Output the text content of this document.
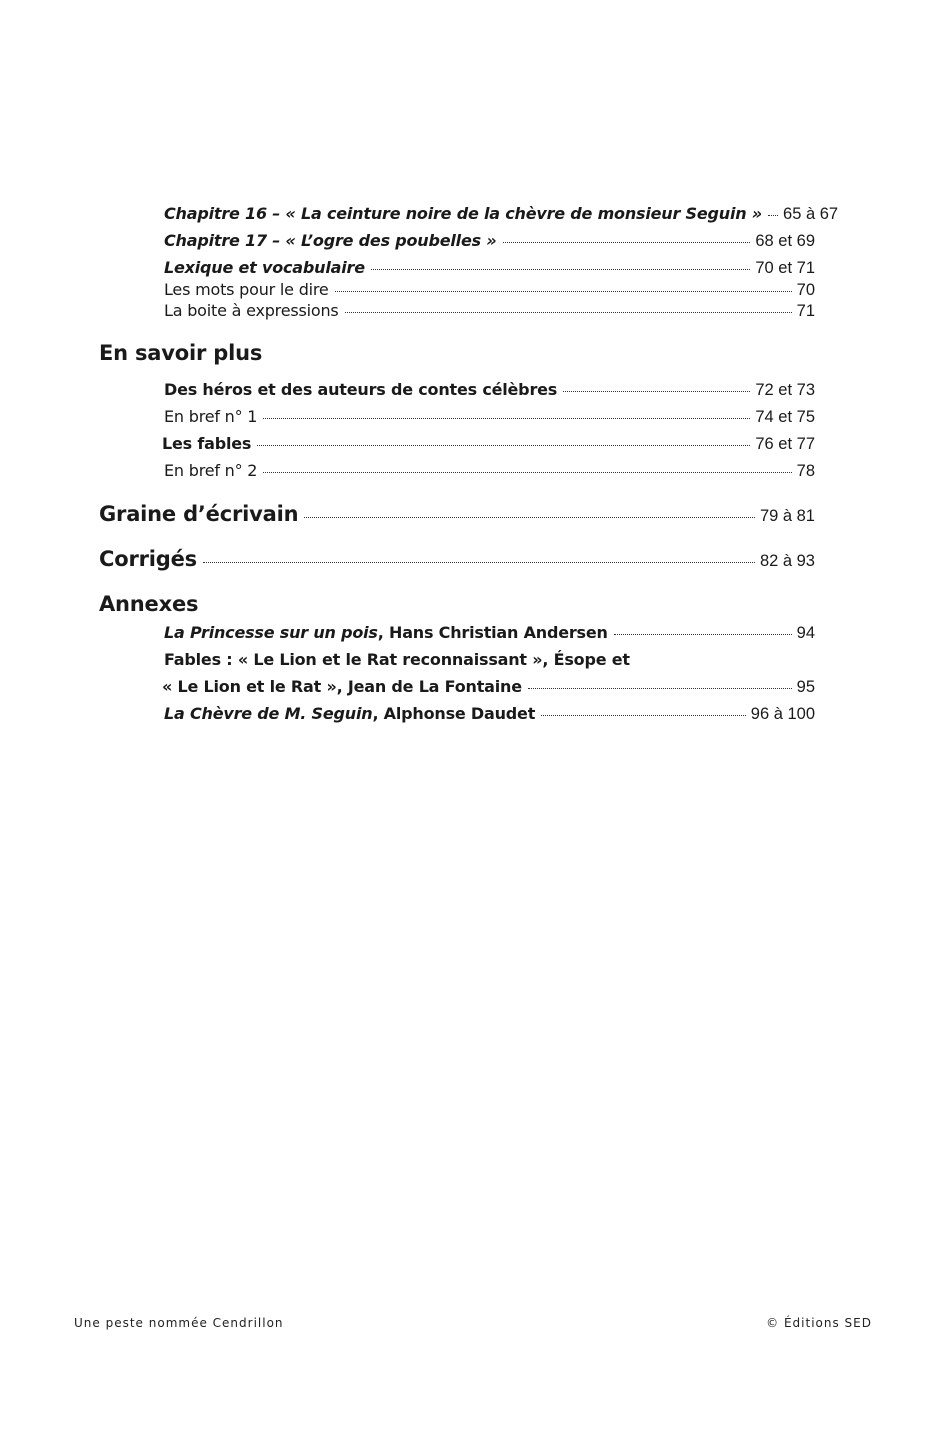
Chapitre 16 – « La ceinture noire de la chèvre de monsieur Seguin » 65 à 67
Chapitre 17 – « L’ogre des poubelles »	68 et 69
Lexique et vocabulaire	70 et 71
Les mots pour le dire	70
La boite à expressions	71
En savoir plus
Des héros et des auteurs de contes célèbres	72 et 73
En bref n° 1	74 et 75
Les fables	76 et 77
En bref n° 2	78
Graine d’écrivain	79 à 81
Corrigés	82 à 93
Annexes
La Princesse sur un pois, Hans Christian Andersen	94
Fables : « Le Lion et le Rat reconnaissant », Ésope et
« Le Lion et le Rat », Jean de La Fontaine	95
La Chèvre de M. Seguin, Alphonse Daudet	96 à 100
Une peste nommée Cendrillon	© Éditions SED
